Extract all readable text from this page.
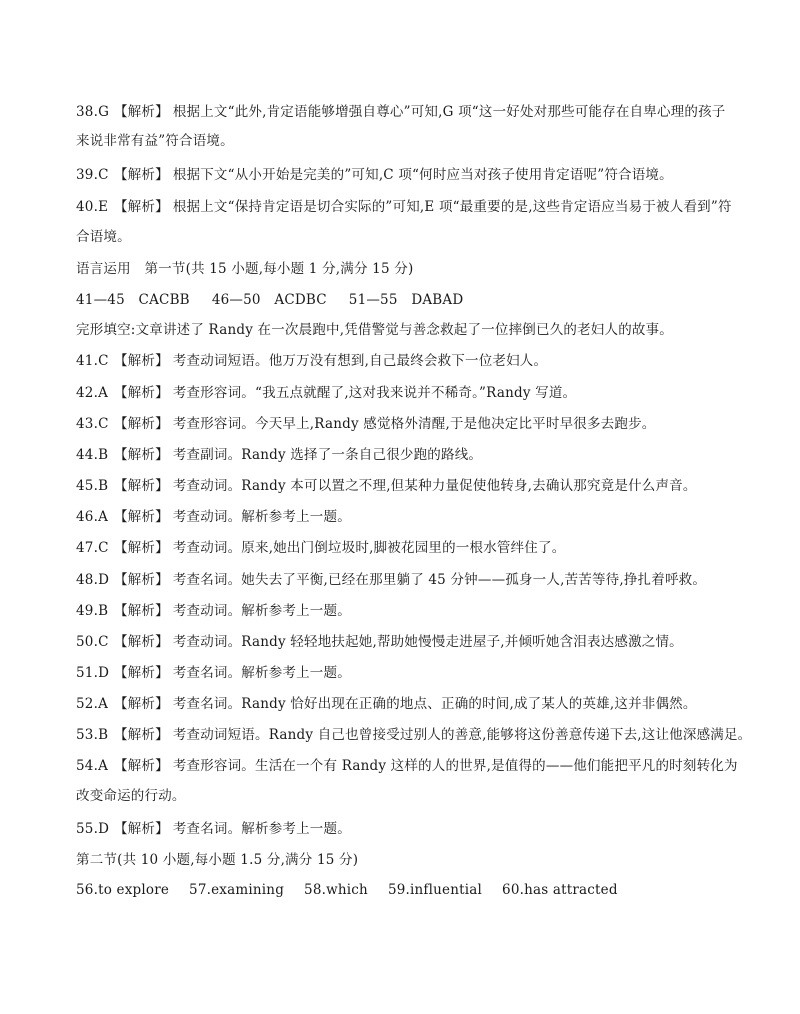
38.G 【解析】 根据上文“此外,肯定语能够增强自尊心”可知,G 项“这一好处对那些可能存在自卑心理的孩子
来说非常有益”符合语境。
39.C 【解析】 根据下文“从小开始是完美的”可知,C 项“何时应当对孩子使用肯定语呢”符合语境。
40.E 【解析】 根据上文“保持肯定语是切合实际的”可知,E 项“最重要的是,这些肯定语应当易于被人看到”符
合语境。
语言运用　第一节(共 15 小题,每小题 1 分,满分 15 分)
41—45　CACBB 46—50　ACDBC 51—55　DABAD
完形填空:文章讲述了 Randy 在一次晨跑中,凭借警觉与善念救起了一位摔倒已久的老妇人的故事。
41.C 【解析】 考查动词短语。他万万没有想到,自己最终会救下一位老妇人。
42.A 【解析】 考查形容词。“我五点就醒了,这对我来说并不稀奇。”Randy 写道。
43.C 【解析】 考查形容词。今天早上,Randy 感觉格外清醒,于是他决定比平时早很多去跑步。
44.B 【解析】 考查副词。Randy 选择了一条自己很少跑的路线。
45.B 【解析】 考查动词。Randy 本可以置之不理,但某种力量促使他转身,去确认那究竟是什么声音。
46.A 【解析】 考查动词。解析参考上一题。
47.C 【解析】 考查动词。原来,她出门倒垃圾时,脚被花园里的一根水管绊住了。
48.D 【解析】 考查名词。她失去了平衡,已经在那里躺了 45 分钟——孤身一人,苦苦等待,挣扎着呼救。
49.B 【解析】 考查动词。解析参考上一题。
50.C 【解析】 考查动词。Randy 轻轻地扶起她,帮助她慢慢走进屋子,并倾听她含泪表达感激之情。
51.D 【解析】 考查名词。解析参考上一题。
52.A 【解析】 考查名词。Randy 恰好出现在正确的地点、正确的时间,成了某人的英雄,这并非偶然。
53.B 【解析】 考查动词短语。Randy 自己也曾接受过别人的善意,能够将这份善意传递下去,这让他深感满足。
54.A 【解析】 考查形容词。生活在一个有 Randy 这样的人的世界,是值得的——他们能把平凡的时刻转化为
改变命运的行动。
55.D 【解析】 考查名词。解析参考上一题。
第二节(共 10 小题,每小题 1.5 分,满分 15 分)
56.to explore 57.examining 58.which 59.influential 60.has attracted
